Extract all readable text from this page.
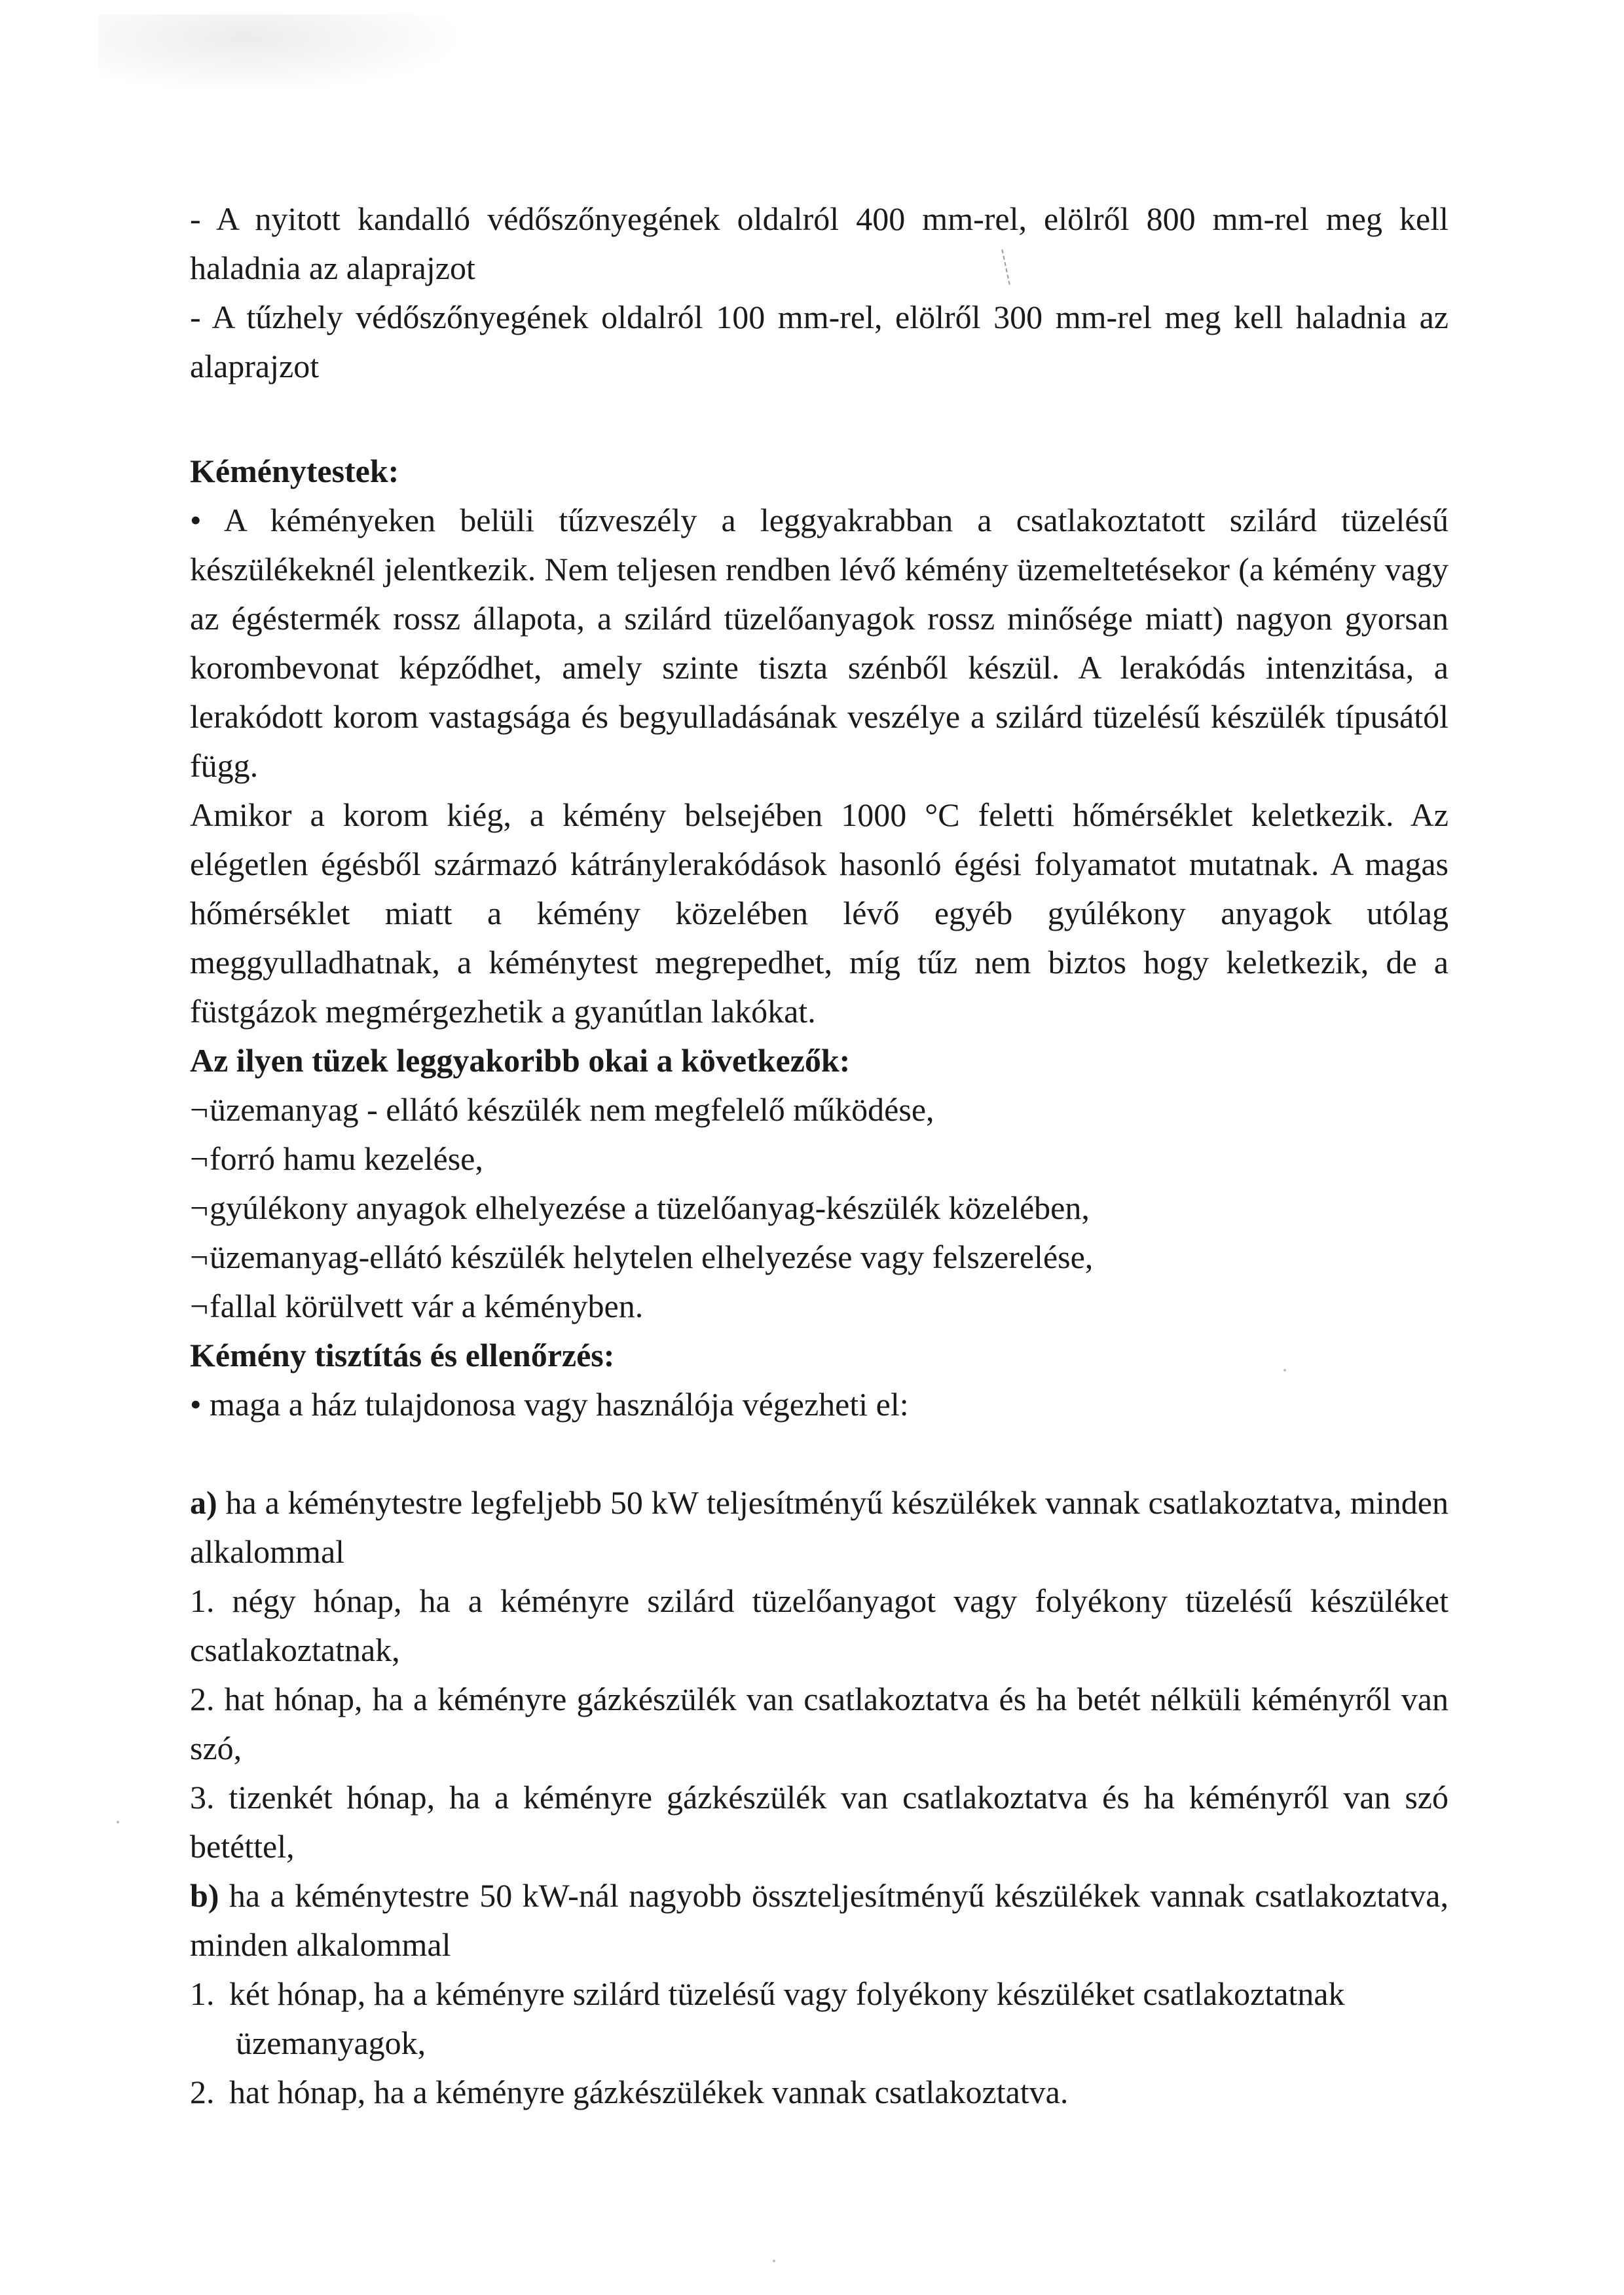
- A nyitott kandalló védőszőnyegének oldalról 400 mm-rel, elölről 800 mm-rel meg kell haladnia az alaprajzot

- A tűzhely védőszőnyegének oldalról 100 mm-rel, elölről 300 mm-rel meg kell haladnia az alaprajzot

Kéménytestek:

• A kéményeken belüli tűzveszély a leggyakrabban a csatlakoztatott szilárd tüzelésű készülékeknél jelentkezik. Nem teljesen rendben lévő kémény üzemeltetésekor (a kémény vagy az égéstermék rossz állapota, a szilárd tüzelőanyagok rossz minősége miatt) nagyon gyorsan korombevonat képződhet, amely szinte tiszta szénből készül. A lerakódás intenzitása, a lerakódott korom vastagsága és begyulladásának veszélye a szilárd tüzelésű készülék típusától függ.

Amikor a korom kiég, a kémény belsejében 1000 °C feletti hőmérséklet keletkezik. Az elégetlen égésből származó kátránylerakódások hasonló égési folyamatot mutatnak. A magas hőmérséklet miatt a kémény közelében lévő egyéb gyúlékony anyagok utólag meggyulladhatnak, a kéménytest megrepedhet, míg tűz nem biztos hogy keletkezik, de a füstgázok megmérgezhetik a gyanútlan lakókat.

Az ilyen tüzek leggyakoribb okai a következők:

¬üzemanyag - ellátó készülék nem megfelelő működése,
¬forró hamu kezelése,
¬gyúlékony anyagok elhelyezése a tüzelőanyag-készülék közelében,
¬üzemanyag-ellátó készülék helytelen elhelyezése vagy felszerelése,
¬fallal körülvett vár a kéményben.

Kémény tisztítás és ellenőrzés:

• maga a ház tulajdonosa vagy használója végezheti el:

a) ha a kéménytestre legfeljebb 50 kW teljesítményű készülékek vannak csatlakoztatva, minden alkalommal

1. négy hónap, ha a kéményre szilárd tüzelőanyagot vagy folyékony tüzelésű készüléket csatlakoztatnak,

2. hat hónap, ha a kéményre gázkészülék van csatlakoztatva és ha betét nélküli kéményről van szó,

3. tizenkét hónap, ha a kéményre gázkészülék van csatlakoztatva és ha kéményről van szó betéttel,

b) ha a kéménytestre 50 kW-nál nagyobb összteljesítményű készülékek vannak csatlakoztatva, minden alkalommal

1. két hónap, ha a kéményre szilárd tüzelésű vagy folyékony készüléket csatlakoztatnak
üzemanyagok,
2. hat hónap, ha a kéményre gázkészülékek vannak csatlakoztatva.
